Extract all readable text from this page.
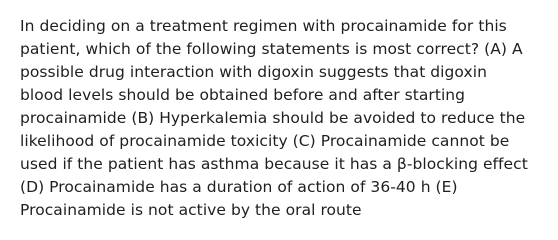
In deciding on a treatment regimen with procainamide for this
patient, which of the following statements is most correct? (A) A
possible drug interaction with digoxin suggests that digoxin
blood levels should be obtained before and after starting
procainamide (B) Hyperkalemia should be avoided to reduce the
likelihood of procainamide toxicity (C) Procainamide cannot be
used if the patient has asthma because it has a β-blocking effect
(D) Procainamide has a duration of action of 36-40 h (E)
Procainamide is not active by the oral route
